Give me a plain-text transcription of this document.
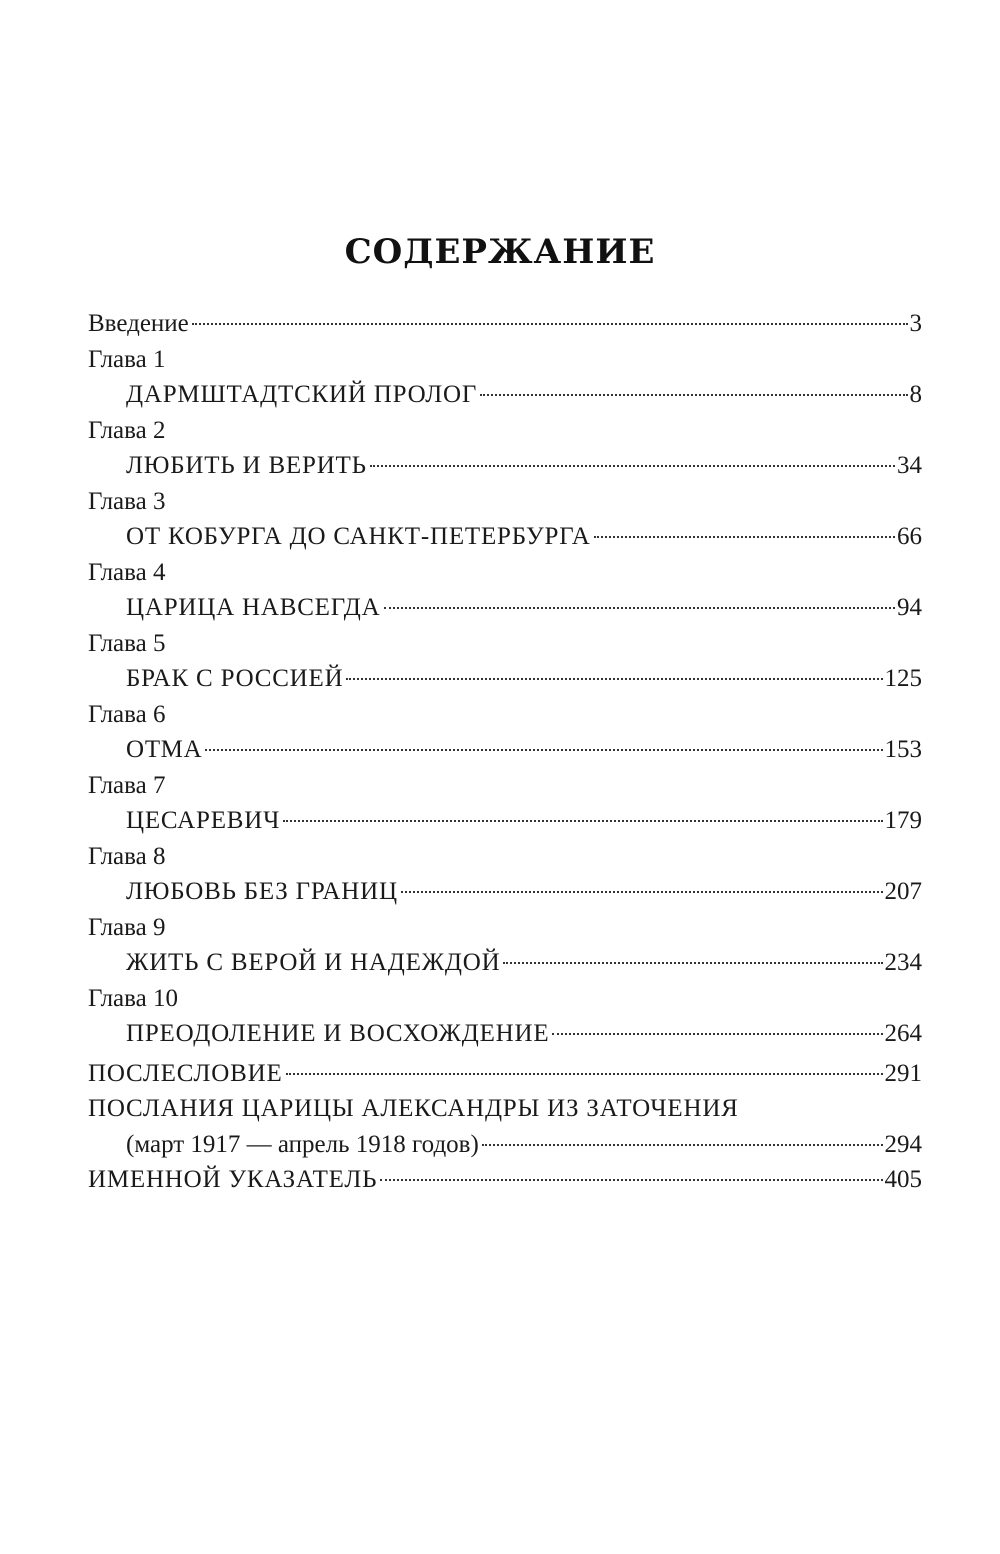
СОДЕРЖАНИЕ
Введение	3
Глава 1
ДАРМШТАДТСКИЙ ПРОЛОГ	8
Глава 2
ЛЮБИТЬ И ВЕРИТЬ	34
Глава 3
ОТ КОБУРГА ДО САНКТ-ПЕТЕРБУРГА	66
Глава 4
ЦАРИЦА НАВСЕГДА	94
Глава 5
БРАК С РОССИЕЙ	125
Глава 6
ОТМА	153
Глава 7
ЦЕСАРЕВИЧ	179
Глава 8
ЛЮБОВЬ БЕЗ ГРАНИЦ	207
Глава 9
ЖИТЬ С ВЕРОЙ И НАДЕЖДОЙ	234
Глава 10
ПРЕОДОЛЕНИЕ И ВОСХОЖДЕНИЕ	264
ПОСЛЕСЛОВИЕ	291
ПОСЛАНИЯ ЦАРИЦЫ АЛЕКСАНДРЫ ИЗ ЗАТОЧЕНИЯ
(март 1917 — апрель 1918 годов)	294
ИМЕННОЙ УКАЗАТЕЛЬ	405
